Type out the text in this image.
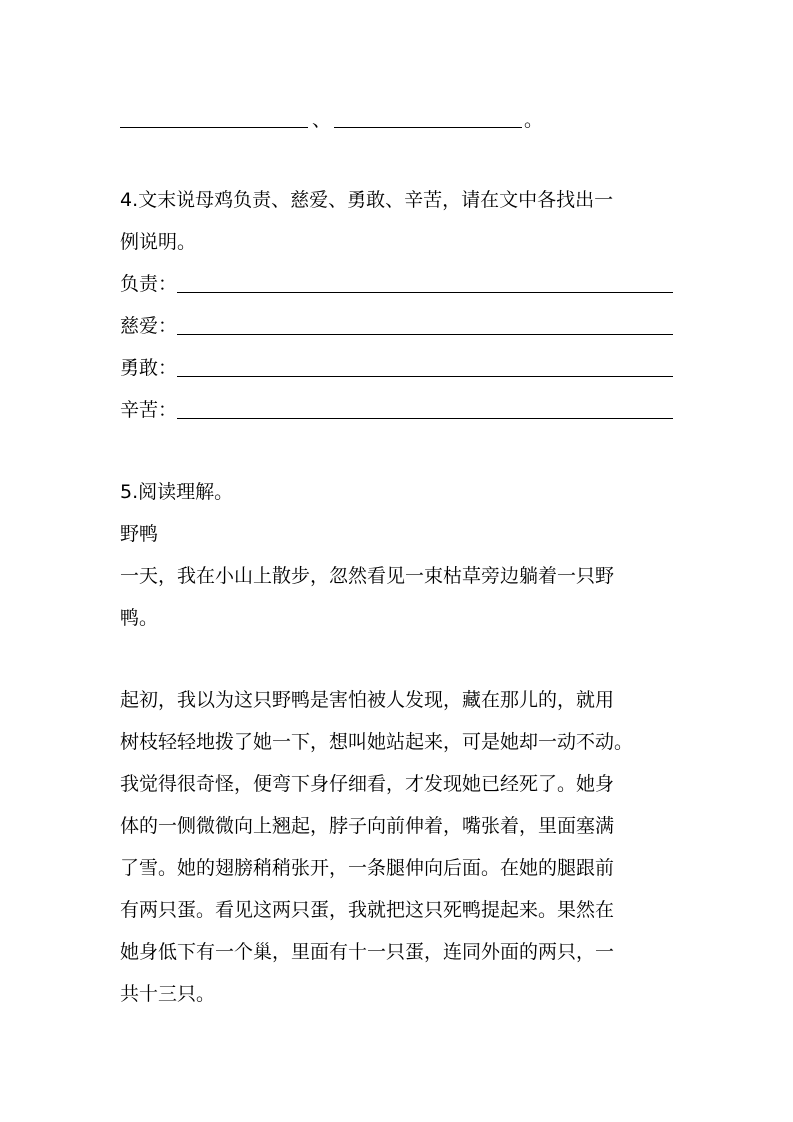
、	。
4.文末说母鸡负责、慈爱、勇敢、辛苦，请在文中各找出一
例说明。
负责：
慈爱：
勇敢：
辛苦：
5.阅读理解。
野鸭
一天，我在小山上散步，忽然看见一束枯草旁边躺着一只野
鸭。
起初，我以为这只野鸭是害怕被人发现，藏在那儿的，就用
树枝轻轻地拨了她一下，想叫她站起来，可是她却一动不动。
我觉得很奇怪，便弯下身仔细看，才发现她已经死了。她身
体的一侧微微向上翘起，脖子向前伸着，嘴张着，里面塞满
了雪。她的翅膀稍稍张开，一条腿伸向后面。在她的腿跟前
有两只蛋。看见这两只蛋，我就把这只死鸭提起来。果然在
她身低下有一个巢，里面有十一只蛋，连同外面的两只，一
共十三只。
